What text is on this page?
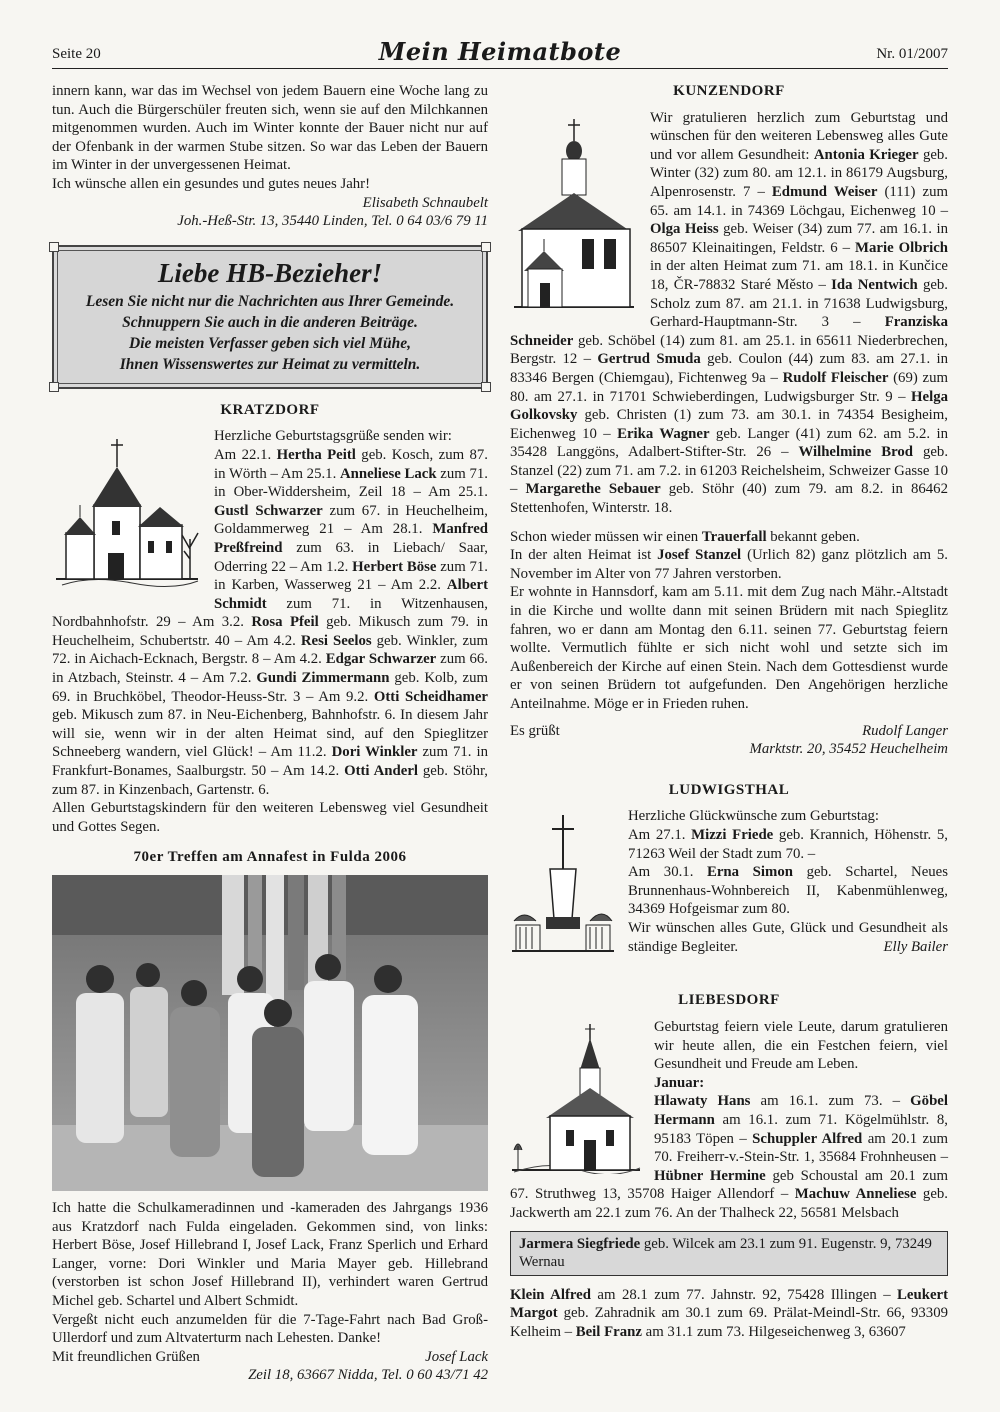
Seite 20	Mein Heimatbote	Nr. 01/2007

innern kann, war das im Wechsel von jedem Bauern eine Woche lang zu tun. Auch die Bürgerschüler freuten sich, wenn sie auf den Milchkannen mitgenommen wurden. Auch im Winter konnte der Bauer nicht nur auf der Ofenbank in der warmen Stube sitzen. So war das Leben der Bauern im Winter in der unvergessenen Heimat.

Ich wünsche allen ein gesundes und gutes neues Jahr!

Elisabeth Schnaubelt

Joh.-Heß-Str. 13, 35440 Linden, Tel. 0 64 03/6 79 11

Liebe HB-Bezieher!
Lesen Sie nicht nur die Nachrichten aus Ihrer Gemeinde.
Schnuppern Sie auch in die anderen Beiträge.
Die meisten Verfasser geben sich viel Mühe,
Ihnen Wissenswertes zur Heimat zu vermitteln.
KRATZDORF

Herzliche Geburtstagsgrüße senden wir:

Am 22.1. Hertha Peitl geb. Kosch, zum 87. in Wörth – Am 25.1. Anneliese Lack zum 71. in Ober-Widdersheim, Zeil 18 – Am 25.1. Gustl Schwarzer zum 67. in Heuchelheim, Goldammerweg 21 – Am 28.1. Manfred Preßfreind zum 63. in Liebach/ Saar, Oderring 22 – Am 1.2. Herbert Böse zum 71. in Karben, Wasserweg 21 – Am 2.2. Albert Schmidt zum 71. in Witzenhausen, Nordbahnhofstr. 29 – Am 3.2. Rosa Pfeil geb. Mikusch zum 79. in Heuchelheim, Schubertstr. 40 – Am 4.2. Resi Seelos geb. Winkler, zum 72. in Aichach-Ecknach, Bergstr. 8 – Am 4.2. Edgar Schwarzer zum 66. in Atzbach, Steinstr. 4 – Am 7.2. Gundi Zimmermann geb. Kolb, zum 69. in Bruchköbel, Theodor-Heuss-Str. 3 – Am 9.2. Otti Scheidhamer geb. Mikusch zum 87. in Neu-Eichenberg, Bahnhofstr. 6. In diesem Jahr will sie, wenn wir in der alten Heimat sind, auf den Spieglitzer Schneeberg wandern, viel Glück! – Am 11.2. Dori Winkler zum 71. in Frankfurt-Bonames, Saalburgstr. 50 – Am 14.2. Otti Anderl geb. Stöhr, zum 87. in Kinzenbach, Gartenstr. 6.

Allen Geburtstagskindern für den weiteren Lebensweg viel Gesundheit und Gottes Segen.

70er Treffen am Annafest in Fulda 2006

Ich hatte die Schulkameradinnen und -kameraden des Jahrgangs 1936 aus Kratzdorf nach Fulda eingeladen. Gekommen sind, von links: Herbert Böse, Josef Hillebrand I, Josef Lack, Franz Sperlich und Erhard Langer, vorne: Dori Winkler und Maria Mayer geb. Hillebrand (verstorben ist schon Josef Hillebrand II), verhindert waren Gertrud Michel geb. Schartel und Albert Schmidt.

Vergeßt nicht euch anzumelden für die 7-Tage-Fahrt nach Bad Groß-Ullerdorf und zum Altvaterturm nach Lehesten. Danke!

Mit freundlichen Grüßen	Josef Lack

Zeil 18, 63667 Nidda, Tel. 0 60 43/71 42

KUNZENDORF

Wir gratulieren herzlich zum Geburtstag und wünschen für den weiteren Lebensweg alles Gute und vor allem Gesundheit: Antonia Krieger geb. Winter (32) zum 80. am 12.1. in 86179 Augsburg, Alpenrosenstr. 7 – Edmund Weiser (111) zum 65. am 14.1. in 74369 Löchgau, Eichenweg 10 – Olga Heiss geb. Weiser (34) zum 77. am 16.1. in 86507 Kleinaitingen, Feldstr. 6 – Marie Olbrich in der alten Heimat zum 71. am 18.1. in Kunčice 18, ČR-78832 Staré Město – Ida Nentwich geb. Scholz zum 87. am 21.1. in 71638 Ludwigsburg, Gerhard-Hauptmann-Str. 3 – Franziska Schneider geb. Schöbel (14) zum 81. am 25.1. in 65611 Niederbrechen, Bergstr. 12 – Gertrud Smuda geb. Coulon (44) zum 83. am 27.1. in 83346 Bergen (Chiemgau), Fichtenweg 9a – Rudolf Fleischer (69) zum 80. am 27.1. in 71701 Schwieberdingen, Ludwigsburger Str. 9 – Helga Golkovsky geb. Christen (1) zum 73. am 30.1. in 74354 Besigheim, Eichenweg 10 – Erika Wagner geb. Langer (41) zum 62. am 5.2. in 35428 Langgöns, Adalbert-Stifter-Str. 26 – Wilhelmine Brod geb. Stanzel (22) zum 71. am 7.2. in 61203 Reichelsheim, Schweizer Gasse 10 – Margarethe Sebauer geb. Stöhr (40) zum 79. am 8.2. in 86462 Stettenhofen, Winterstr. 18.

Schon wieder müssen wir einen Trauerfall bekannt geben.

In der alten Heimat ist Josef Stanzel (Urlich 82) ganz plötzlich am 5. November im Alter von 77 Jahren verstorben.

Er wohnte in Hannsdorf, kam am 5.11. mit dem Zug nach Mähr.-Altstadt in die Kirche und wollte dann mit seinen Brüdern mit nach Spieglitz fahren, wo er dann am Montag den 6.11. seinen 77. Geburtstag feiern wollte. Vermutlich fühlte er sich nicht wohl und setzte sich im Außenbereich der Kirche auf einen Stein. Nach dem Gottesdienst wurde er von seinen Brüdern tot aufgefunden. Den Angehörigen herzliche Anteilnahme. Möge er in Frieden ruhen.

Es grüßt	Rudolf Langer

Marktstr. 20, 35452 Heuchelheim

LUDWIGSTHAL

Herzliche Glückwünsche zum Geburtstag:

Am 27.1. Mizzi Friede geb. Krannich, Höhenstr. 5, 71263 Weil der Stadt zum 70. –

Am 30.1. Erna Simon geb. Schartel, Neues Brunnenhaus-Wohnbereich II, Kabenmühlenweg, 34369 Hofgeismar zum 80.

Wir wünschen alles Gute, Glück und Gesundheit als ständige Begleiter.	Elly Bailer

LIEBESDORF

Geburtstag feiern viele Leute, darum gratulieren wir heute allen, die ein Festchen feiern, viel Gesundheit und Freude am Leben.

Januar:

Hlawaty Hans am 16.1. zum 73. – Göbel Hermann am 16.1. zum 71. Kögelmühlstr. 8, 95183 Töpen – Schuppler Alfred am 20.1 zum 70. Freiherr-v.-Stein-Str. 1, 35684 Frohnheusen – Hübner Hermine geb Schoustal am 20.1 zum 67. Struthweg 13, 35708 Haiger Allendorf – Machuw Anneliese geb. Jackwerth am 22.1 zum 76. An der Thalheck 22, 56581 Melsbach

Jarmera Siegfriede geb. Wilcek am 23.1 zum 91. Eugenstr. 9, 73249 Wernau

Klein Alfred am 28.1 zum 77. Jahnstr. 92, 75428 Illingen – Leukert Margot geb. Zahradnik am 30.1 zum 69. Prälat-Meindl-Str. 66, 93309 Kelheim – Beil Franz am 31.1 zum 73. Hilgeseichenweg 3, 63607
